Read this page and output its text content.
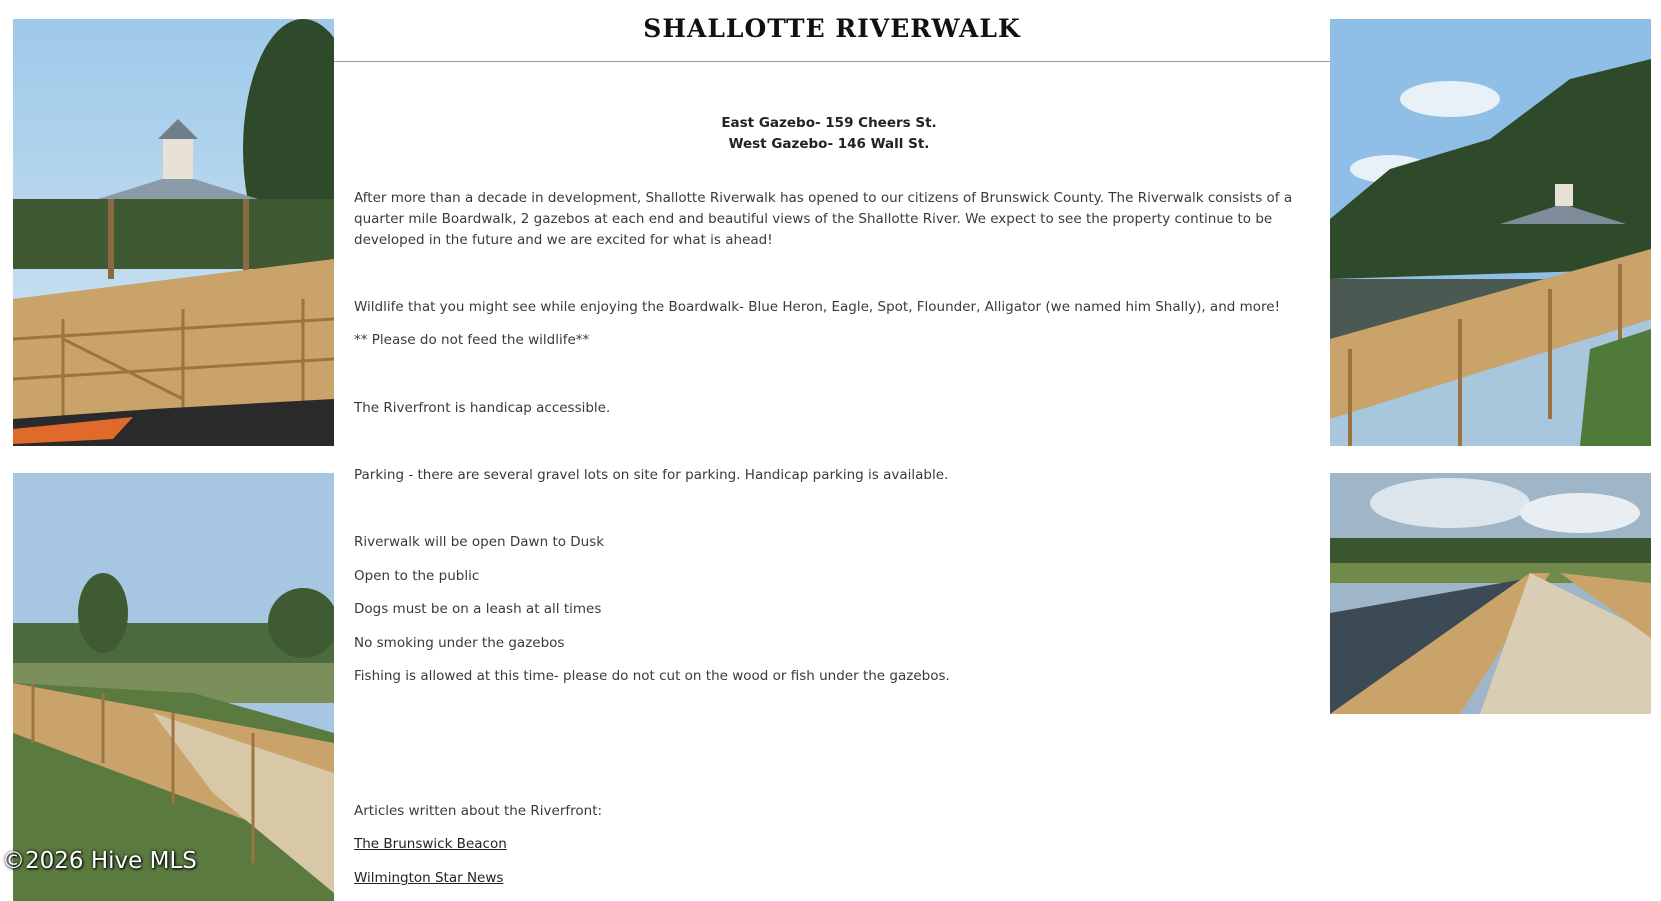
SHALLOTTE RIVERWALK
East Gazebo- 159 Cheers St.
West Gazebo- 146 Wall St.
After more than a decade in development, Shallotte Riverwalk has opened to our citizens of Brunswick County. The Riverwalk consists of a quarter mile Boardwalk, 2 gazebos at each end and beautiful views of the Shallotte River. We expect to see the property continue to be developed in the future and we are excited for what is ahead!
Wildlife that you might see while enjoying the Boardwalk- Blue Heron, Eagle, Spot, Flounder, Alligator (we named him Shally), and more!
** Please do not feed the wildlife**
The Riverfront is handicap accessible.
Parking - there are several gravel lots on site for parking. Handicap parking is available.
Riverwalk will be open Dawn to Dusk
Open to the public
Dogs must be on a leash at all times
No smoking under the gazebos
Fishing is allowed at this time- please do not cut on the wood or fish under the gazebos.
Articles written about the Riverfront:
The Brunswick Beacon
Wilmington Star News
©2026 Hive MLS
